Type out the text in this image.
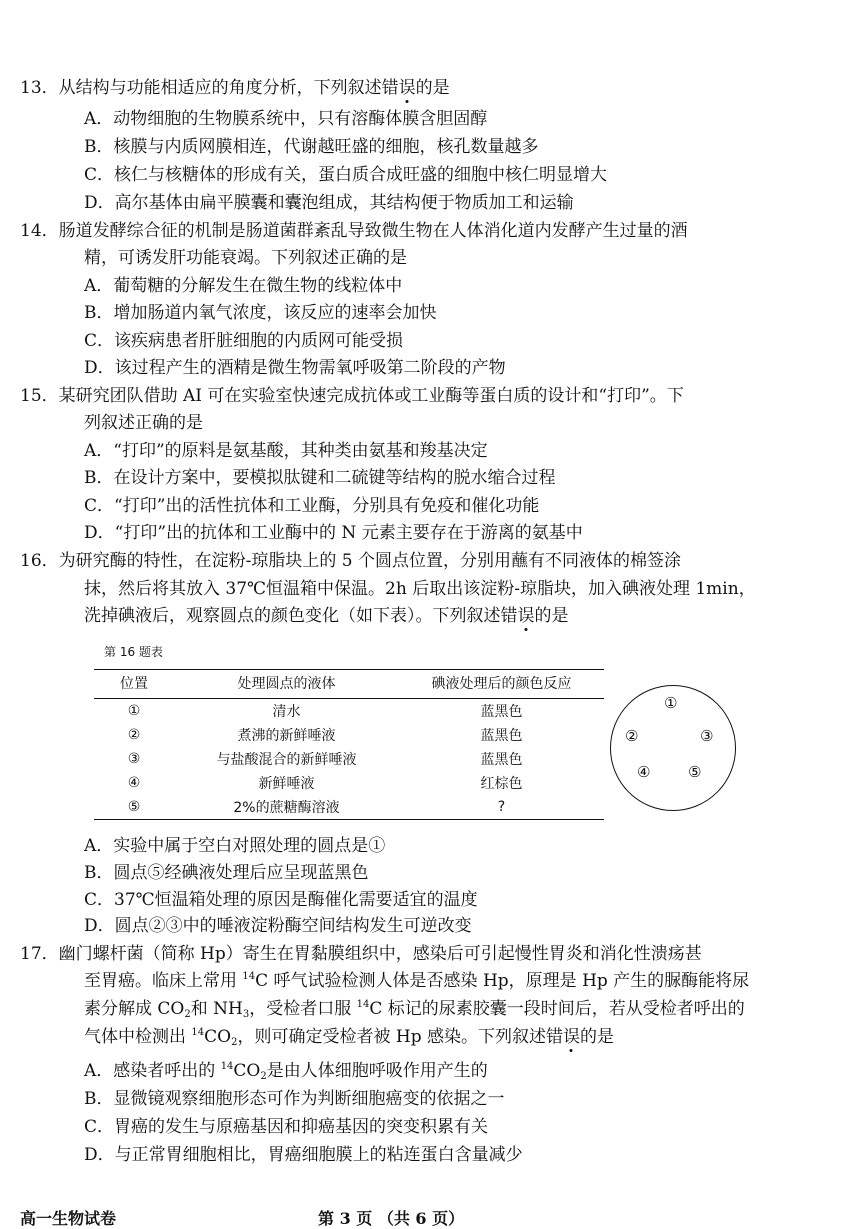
13．从结构与功能相适应的角度分析，下列叙述错误的是
A．动物细胞的生物膜系统中，只有溶酶体膜含胆固醇
B．核膜与内质网膜相连，代谢越旺盛的细胞，核孔数量越多
C．核仁与核糖体的形成有关，蛋白质合成旺盛的细胞中核仁明显增大
D．高尔基体由扁平膜囊和囊泡组成，其结构便于物质加工和运输
14．肠道发酵综合征的机制是肠道菌群紊乱导致微生物在人体消化道内发酵产生过量的酒
精，可诱发肝功能衰竭。下列叙述正确的是
A．葡萄糖的分解发生在微生物的线粒体中
B．增加肠道内氧气浓度，该反应的速率会加快
C．该疾病患者肝脏细胞的内质网可能受损
D．该过程产生的酒精是微生物需氧呼吸第二阶段的产物
15．某研究团队借助 AI 可在实验室快速完成抗体或工业酶等蛋白质的设计和“打印”。下
列叙述正确的是
A．“打印”的原料是氨基酸，其种类由氨基和羧基决定
B．在设计方案中，要模拟肽键和二硫键等结构的脱水缩合过程
C．“打印”出的活性抗体和工业酶，分别具有免疫和催化功能
D．“打印”出的抗体和工业酶中的 N 元素主要存在于游离的氨基中
16．为研究酶的特性，在淀粉-琼脂块上的 5 个圆点位置，分别用蘸有不同液体的棉签涂
抹，然后将其放入 37℃恒温箱中保温。2h 后取出该淀粉-琼脂块，加入碘液处理 1min，
洗掉碘液后，观察圆点的颜色变化（如下表）。下列叙述错误的是
第 16 题表
位置	处理圆点的液体	碘液处理后的颜色反应
①	清水	蓝黑色
②	煮沸的新鲜唾液	蓝黑色
③	与盐酸混合的新鲜唾液	蓝黑色
④	新鲜唾液	红棕色
⑤	2%的蔗糖酶溶液	?
①
②	③
④	⑤
A．实验中属于空白对照处理的圆点是①
B．圆点⑤经碘液处理后应呈现蓝黑色
C．37℃恒温箱处理的原因是酶催化需要适宜的温度
D．圆点②③中的唾液淀粉酶空间结构发生可逆改变
17．幽门螺杆菌（简称 Hp）寄生在胃黏膜组织中，感染后可引起慢性胃炎和消化性溃疡甚
至胃癌。临床上常用 $^{14}$C 呼气试验检测人体是否感染 Hp，原理是 Hp 产生的脲酶能将尿
素分解成 $CO_2$和 $NH_3$，受检者口服 $^{14}$C 标记的尿素胶囊一段时间后，若从受检者呼出的
气体中检测出 $^{14}CO_2$，则可确定受检者被 Hp 感染。下列叙述错误的是
A．感染者呼出的 $^{14}CO_2$是由人体细胞呼吸作用产生的
B．显微镜观察细胞形态可作为判断细胞癌变的依据之一
C．胃癌的发生与原癌基因和抑癌基因的突变积累有关
D．与正常胃细胞相比，胃癌细胞膜上的粘连蛋白含量减少
高一生物试卷	第 3 页 （共 6 页）
